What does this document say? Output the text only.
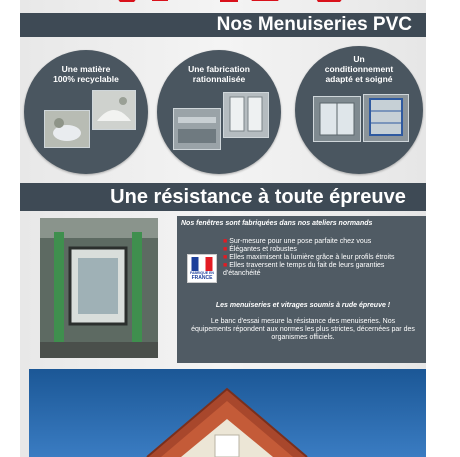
Nos Menuiseries PVC
Une matière
100% recyclable
Une fabrication
rationnalisée
Un
conditionnement
adapté et soigné
Une résistance à toute épreuve
Nos fenêtres sont fabriquées dans nos ateliers normands
FABRIQUÉ EN
FRANCE
■ Sur-mesure pour une pose parfaite chez vous
■ Élégantes et robustes
■ Elles maximisent la lumière grâce à leur profils étroits
■ Elles traversent le temps du fait de leurs garanties d'étanchéité
Les menuiseries et vitrages soumis à rude épreuve !
Le banc d'essai mesure la résistance des menuiseries. Nos équipements répondent aux normes les plus strictes, décernées par des organismes officiels.
